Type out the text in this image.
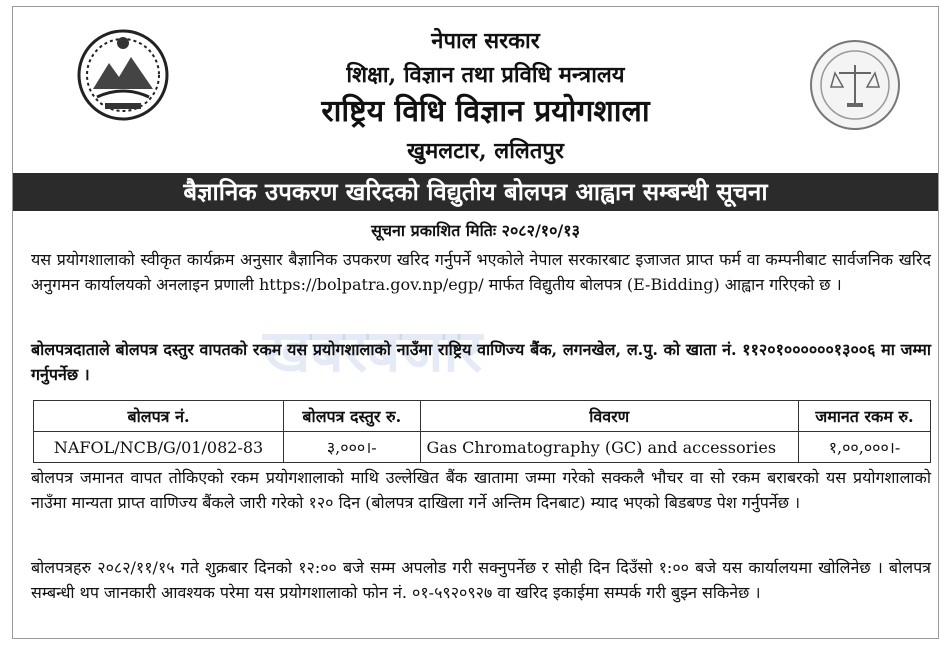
नेपाल सरकार
शिक्षा, विज्ञान तथा प्रविधि मन्त्रालय
राष्ट्रिय विधि विज्ञान प्रयोगशाला
खुमलटार, ललितपुर
बैज्ञानिक उपकरण खरिदको विद्युतीय बोलपत्र आह्वान सम्बन्धी सूचना
सूचना प्रकाशित मितिः २०८२/१०/१३
यस प्रयोगशालाको स्वीकृत कार्यक्रम अनुसार बैज्ञानिक उपकरण खरिद गर्नुपर्ने भएकोले नेपाल सरकारबाट इजाजत प्राप्त फर्म वा कम्पनीबाट सार्वजनिक खरिद अनुगमन कार्यालयको अनलाइन प्रणाली https://bolpatra.gov.np/egp/ मार्फत विद्युतीय बोलपत्र (E-Bidding) आह्वान गरिएको छ ।
खबरबजार
बोलपत्रदाताले बोलपत्र दस्तुर वापतको रकम यस प्रयोगशालाको नाउँमा राष्ट्रिय वाणिज्य बैंक, लगनखेल, ल.पु. को खाता नं. ११२०१००००००१३००६ मा जम्मा गर्नुपर्नेछ ।
बोलपत्र नं.	बोलपत्र दस्तुर रु.	विवरण	जमानत रकम रु.
NAFOL/NCB/G/01/082-83	३,०००।-	Gas Chromatography (GC) and accessories	१,००,०००।-
बोलपत्र जमानत वापत तोकिएको रकम प्रयोगशालाको माथि उल्लेखित बैंक खातामा जम्मा गरेको सक्कलै भौचर वा सो रकम बराबरको यस प्रयोगशालाको नाउँमा मान्यता प्राप्त वाणिज्य बैंकले जारी गरेको १२० दिन (बोलपत्र दाखिला गर्ने अन्तिम दिनबाट) म्याद भएको बिडबण्ड पेश गर्नुपर्नेछ ।
बोलपत्रहरु २०८२/११/१५ गते शुक्रबार दिनको १२:०० बजे सम्म अपलोड गरी सक्नुपर्नेछ र सोही दिन दिउँसो १:०० बजे यस कार्यालयमा खोलिनेछ । बोलपत्र सम्बन्धी थप जानकारी आवश्यक परेमा यस प्रयोगशालाको फोन नं. ०१-५९२०९२७ वा खरिद इकाईमा सम्पर्क गरी बुझ्न सकिनेछ ।
